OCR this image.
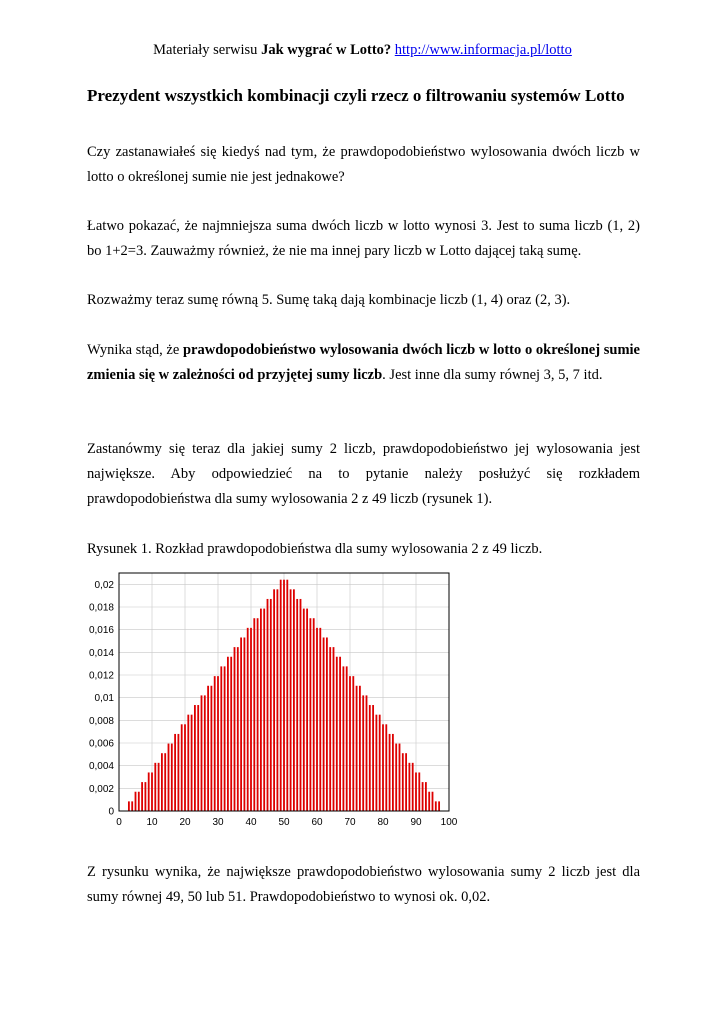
Materiały serwisu Jak wygrać w Lotto? http://www.informacja.pl/lotto
Prezydent wszystkich kombinacji czyli rzecz o filtrowaniu systemów Lotto

Czy zastanawiałeś się kiedyś nad tym, że prawdopodobieństwo wylosowania dwóch liczb w lotto o określonej sumie nie jest jednakowe?

Łatwo pokazać, że najmniejsza suma dwóch liczb w lotto wynosi 3. Jest to suma liczb (1, 2) bo 1+2=3. Zauważmy również, że nie ma innej pary liczb w Lotto dającej taką sumę.

Rozważmy teraz sumę równą 5. Sumę taką dają kombinacje liczb (1, 4) oraz (2, 3).

Wynika stąd, że prawdopodobieństwo wylosowania dwóch liczb w lotto o określonej sumie zmienia się w zależności od przyjętej sumy liczb. Jest inne dla sumy równej 3, 5, 7 itd.

Zastanówmy się teraz dla jakiej sumy 2 liczb, prawdopodobieństwo jej wylosowania jest największe. Aby odpowiedzieć na to pytanie należy posłużyć się rozkładem prawdopodobieństwa dla sumy wylosowania 2 z 49 liczb (rysunek 1).

Rysunek 1. Rozkład prawdopodobieństwa dla sumy wylosowania 2 z 49 liczb.

0
0,002
0,004
0,006
0,008
0,01
0,012
0,014
0,016
0,018
0,02
0 10 20 30 40 50 60 70 80 90 100

Z rysunku wynika, że największe prawdopodobieństwo wylosowania sumy 2 liczb jest dla sumy równej 49, 50 lub 51. Prawdopodobieństwo to wynosi ok. 0,02.
